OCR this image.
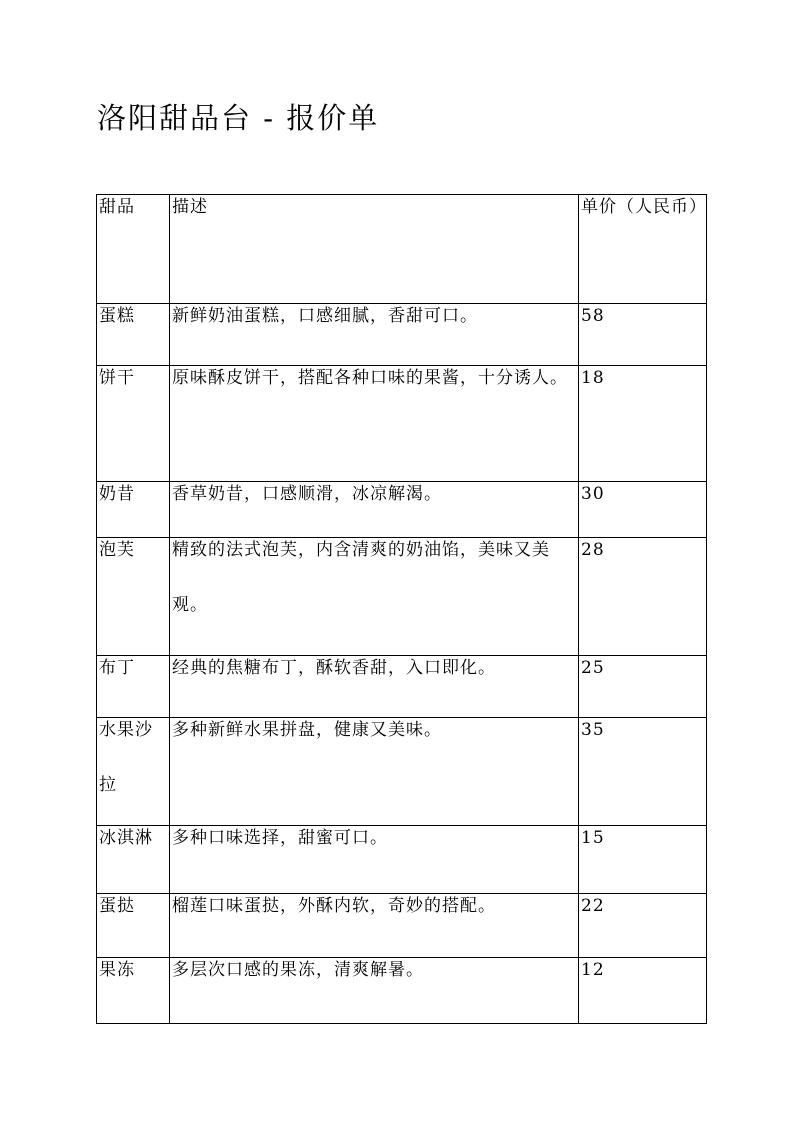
洛阳甜品台 - 报价单
甜品	描述	单价（人民币）

蛋糕	新鲜奶油蛋糕，口感细腻，香甜可口。	58

饼干	原味酥皮饼干，搭配各种口味的果酱，十分诱人。	18

奶昔	香草奶昔，口感顺滑，冰凉解渴。	30

泡芙	精致的法式泡芙，内含清爽的奶油馅，美味又美观。	28

布丁	经典的焦糖布丁，酥软香甜，入口即化。	25

水果沙拉	多种新鲜水果拼盘，健康又美味。	35

冰淇淋	多种口味选择，甜蜜可口。	15

蛋挞	榴莲口味蛋挞，外酥内软，奇妙的搭配。	22

果冻	多层次口感的果冻，清爽解暑。	12
